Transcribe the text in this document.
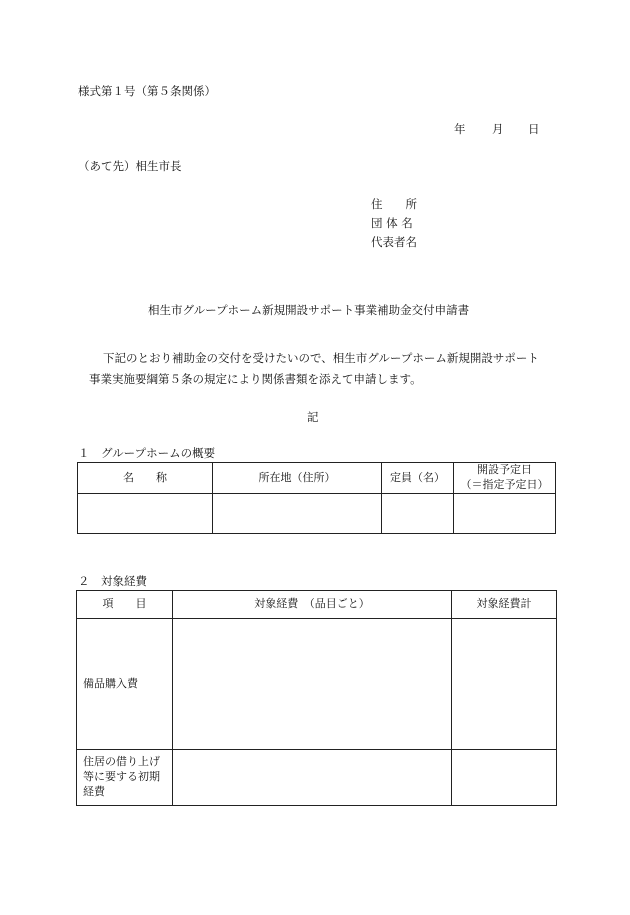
様式第１号（第５条関係）
年 月 日
（あて先）相生市長
住　　所
団 体 名
代表者名
相生市グループホーム新規開設サポート事業補助金交付申請書
下記のとおり補助金の交付を受けたいので、相生市グループホーム新規開設サポート
事業実施要綱第５条の規定により関係書類を添えて申請します。
記
１　グループホームの概要
名　　称	所在地（住所）	定員（名）	開設予定日
（＝指定予定日）

２　対象経費
項　　目	対象経費　（品目ごと）	対象経費計
備品購入費		

住居の借り上げ
等に要する初期
経費		
